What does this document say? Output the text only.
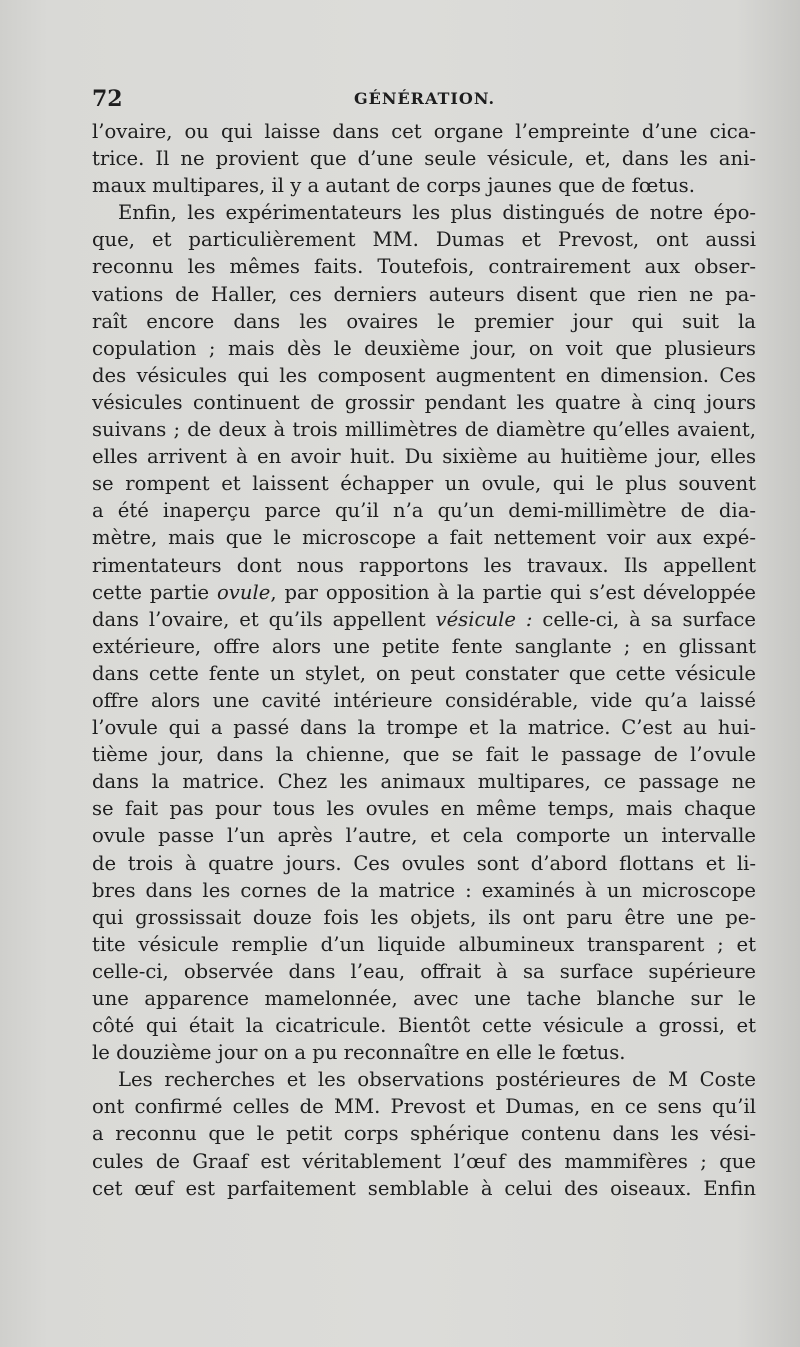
72	GÉNÉRATION.
l’ovaire, ou qui laisse dans cet organe l’empreinte d’une cica-
trice. Il ne provient que d’une seule vésicule, et, dans les ani-
maux multipares, il y a autant de corps jaunes que de fœtus.
Enfin, les expérimentateurs les plus distingués de notre épo-
que, et particulièrement MM. Dumas et Prevost, ont aussi
reconnu les mêmes faits. Toutefois, contrairement aux obser-
vations de Haller, ces derniers auteurs disent que rien ne pa-
raît encore dans les ovaires le premier jour qui suit la
copulation ; mais dès le deuxième jour, on voit que plusieurs
des vésicules qui les composent augmentent en dimension. Ces
vésicules continuent de grossir pendant les quatre à cinq jours
suivans ; de deux à trois millimètres de diamètre qu’elles avaient,
elles arrivent à en avoir huit. Du sixième au huitième jour, elles
se rompent et laissent échapper un ovule, qui le plus souvent
a été inaperçu parce qu’il n’a qu’un demi-millimètre de dia-
mètre, mais que le microscope a fait nettement voir aux expé-
rimentateurs dont nous rapportons les travaux. Ils appellent
cette partie ovule, par opposition à la partie qui s’est développée
dans l’ovaire, et qu’ils appellent vésicule : celle-ci, à sa surface
extérieure, offre alors une petite fente sanglante ; en glissant
dans cette fente un stylet, on peut constater que cette vésicule
offre alors une cavité intérieure considérable, vide qu’a laissé
l’ovule qui a passé dans la trompe et la matrice. C’est au hui-
tième jour, dans la chienne, que se fait le passage de l’ovule
dans la matrice. Chez les animaux multipares, ce passage ne
se fait pas pour tous les ovules en même temps, mais chaque
ovule passe l’un après l’autre, et cela comporte un intervalle
de trois à quatre jours. Ces ovules sont d’abord flottans et li-
bres dans les cornes de la matrice : examinés à un microscope
qui grossissait douze fois les objets, ils ont paru être une pe-
tite vésicule remplie d’un liquide albumineux transparent ; et
celle-ci, observée dans l’eau, offrait à sa surface supérieure
une apparence mamelonnée, avec une tache blanche sur le
côté qui était la cicatricule. Bientôt cette vésicule a grossi, et
le douzième jour on a pu reconnaître en elle le fœtus.
Les recherches et les observations postérieures de M Coste
ont confirmé celles de MM. Prevost et Dumas, en ce sens qu’il
a reconnu que le petit corps sphérique contenu dans les vési-
cules de Graaf est véritablement l’œuf des mammifères ; que
cet œuf est parfaitement semblable à celui des oiseaux. Enfin
